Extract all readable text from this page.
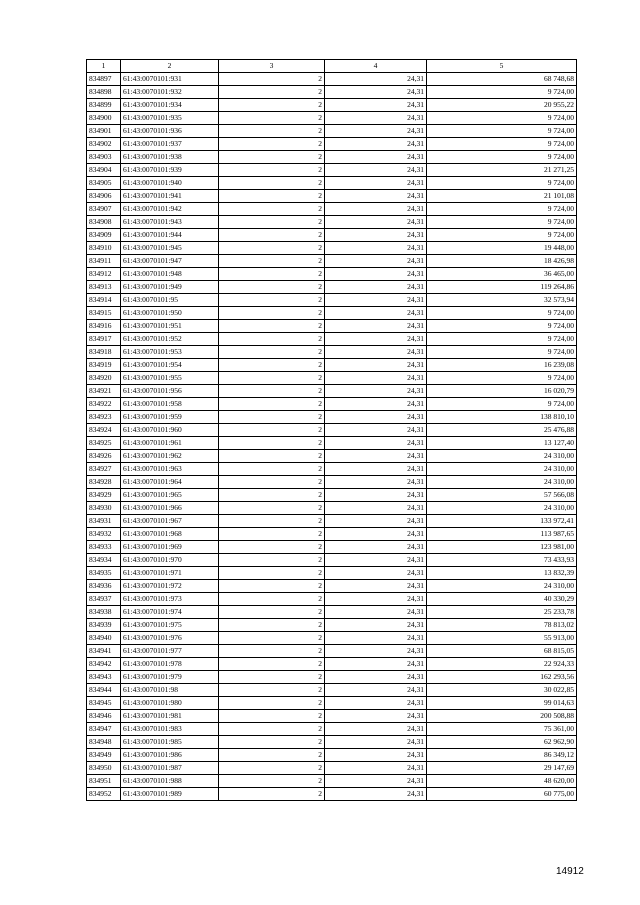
1	2	3	4	5
834897	61:43:0070101:931	2	24,31	68 748,68
834898	61:43:0070101:932	2	24,31	9 724,00
834899	61:43:0070101:934	2	24,31	20 955,22
834900	61:43:0070101:935	2	24,31	9 724,00
834901	61:43:0070101:936	2	24,31	9 724,00
834902	61:43:0070101:937	2	24,31	9 724,00
834903	61:43:0070101:938	2	24,31	9 724,00
834904	61:43:0070101:939	2	24,31	21 271,25
834905	61:43:0070101:940	2	24,31	9 724,00
834906	61:43:0070101:941	2	24,31	21 101,08
834907	61:43:0070101:942	2	24,31	9 724,00
834908	61:43:0070101:943	2	24,31	9 724,00
834909	61:43:0070101:944	2	24,31	9 724,00
834910	61:43:0070101:945	2	24,31	19 448,00
834911	61:43:0070101:947	2	24,31	18 426,98
834912	61:43:0070101:948	2	24,31	36 465,00
834913	61:43:0070101:949	2	24,31	119 264,86
834914	61:43:0070101:95	2	24,31	32 573,94
834915	61:43:0070101:950	2	24,31	9 724,00
834916	61:43:0070101:951	2	24,31	9 724,00
834917	61:43:0070101:952	2	24,31	9 724,00
834918	61:43:0070101:953	2	24,31	9 724,00
834919	61:43:0070101:954	2	24,31	16 239,08
834920	61:43:0070101:955	2	24,31	9 724,00
834921	61:43:0070101:956	2	24,31	16 020,79
834922	61:43:0070101:958	2	24,31	9 724,00
834923	61:43:0070101:959	2	24,31	138 810,10
834924	61:43:0070101:960	2	24,31	25 476,88
834925	61:43:0070101:961	2	24,31	13 127,40
834926	61:43:0070101:962	2	24,31	24 310,00
834927	61:43:0070101:963	2	24,31	24 310,00
834928	61:43:0070101:964	2	24,31	24 310,00
834929	61:43:0070101:965	2	24,31	57 566,08
834930	61:43:0070101:966	2	24,31	24 310,00
834931	61:43:0070101:967	2	24,31	133 972,41
834932	61:43:0070101:968	2	24,31	113 987,65
834933	61:43:0070101:969	2	24,31	123 981,00
834934	61:43:0070101:970	2	24,31	73 433,93
834935	61:43:0070101:971	2	24,31	13 832,39
834936	61:43:0070101:972	2	24,31	24 310,00
834937	61:43:0070101:973	2	24,31	40 330,29
834938	61:43:0070101:974	2	24,31	25 233,78
834939	61:43:0070101:975	2	24,31	78 813,02
834940	61:43:0070101:976	2	24,31	55 913,00
834941	61:43:0070101:977	2	24,31	68 815,05
834942	61:43:0070101:978	2	24,31	22 924,33
834943	61:43:0070101:979	2	24,31	162 293,56
834944	61:43:0070101:98	2	24,31	30 022,85
834945	61:43:0070101:980	2	24,31	99 014,63
834946	61:43:0070101:981	2	24,31	200 508,88
834947	61:43:0070101:983	2	24,31	75 361,00
834948	61:43:0070101:985	2	24,31	62 962,90
834949	61:43:0070101:986	2	24,31	86 349,12
834950	61:43:0070101:987	2	24,31	29 147,69
834951	61:43:0070101:988	2	24,31	48 620,00
834952	61:43:0070101:989	2	24,31	60 775,00
14912
